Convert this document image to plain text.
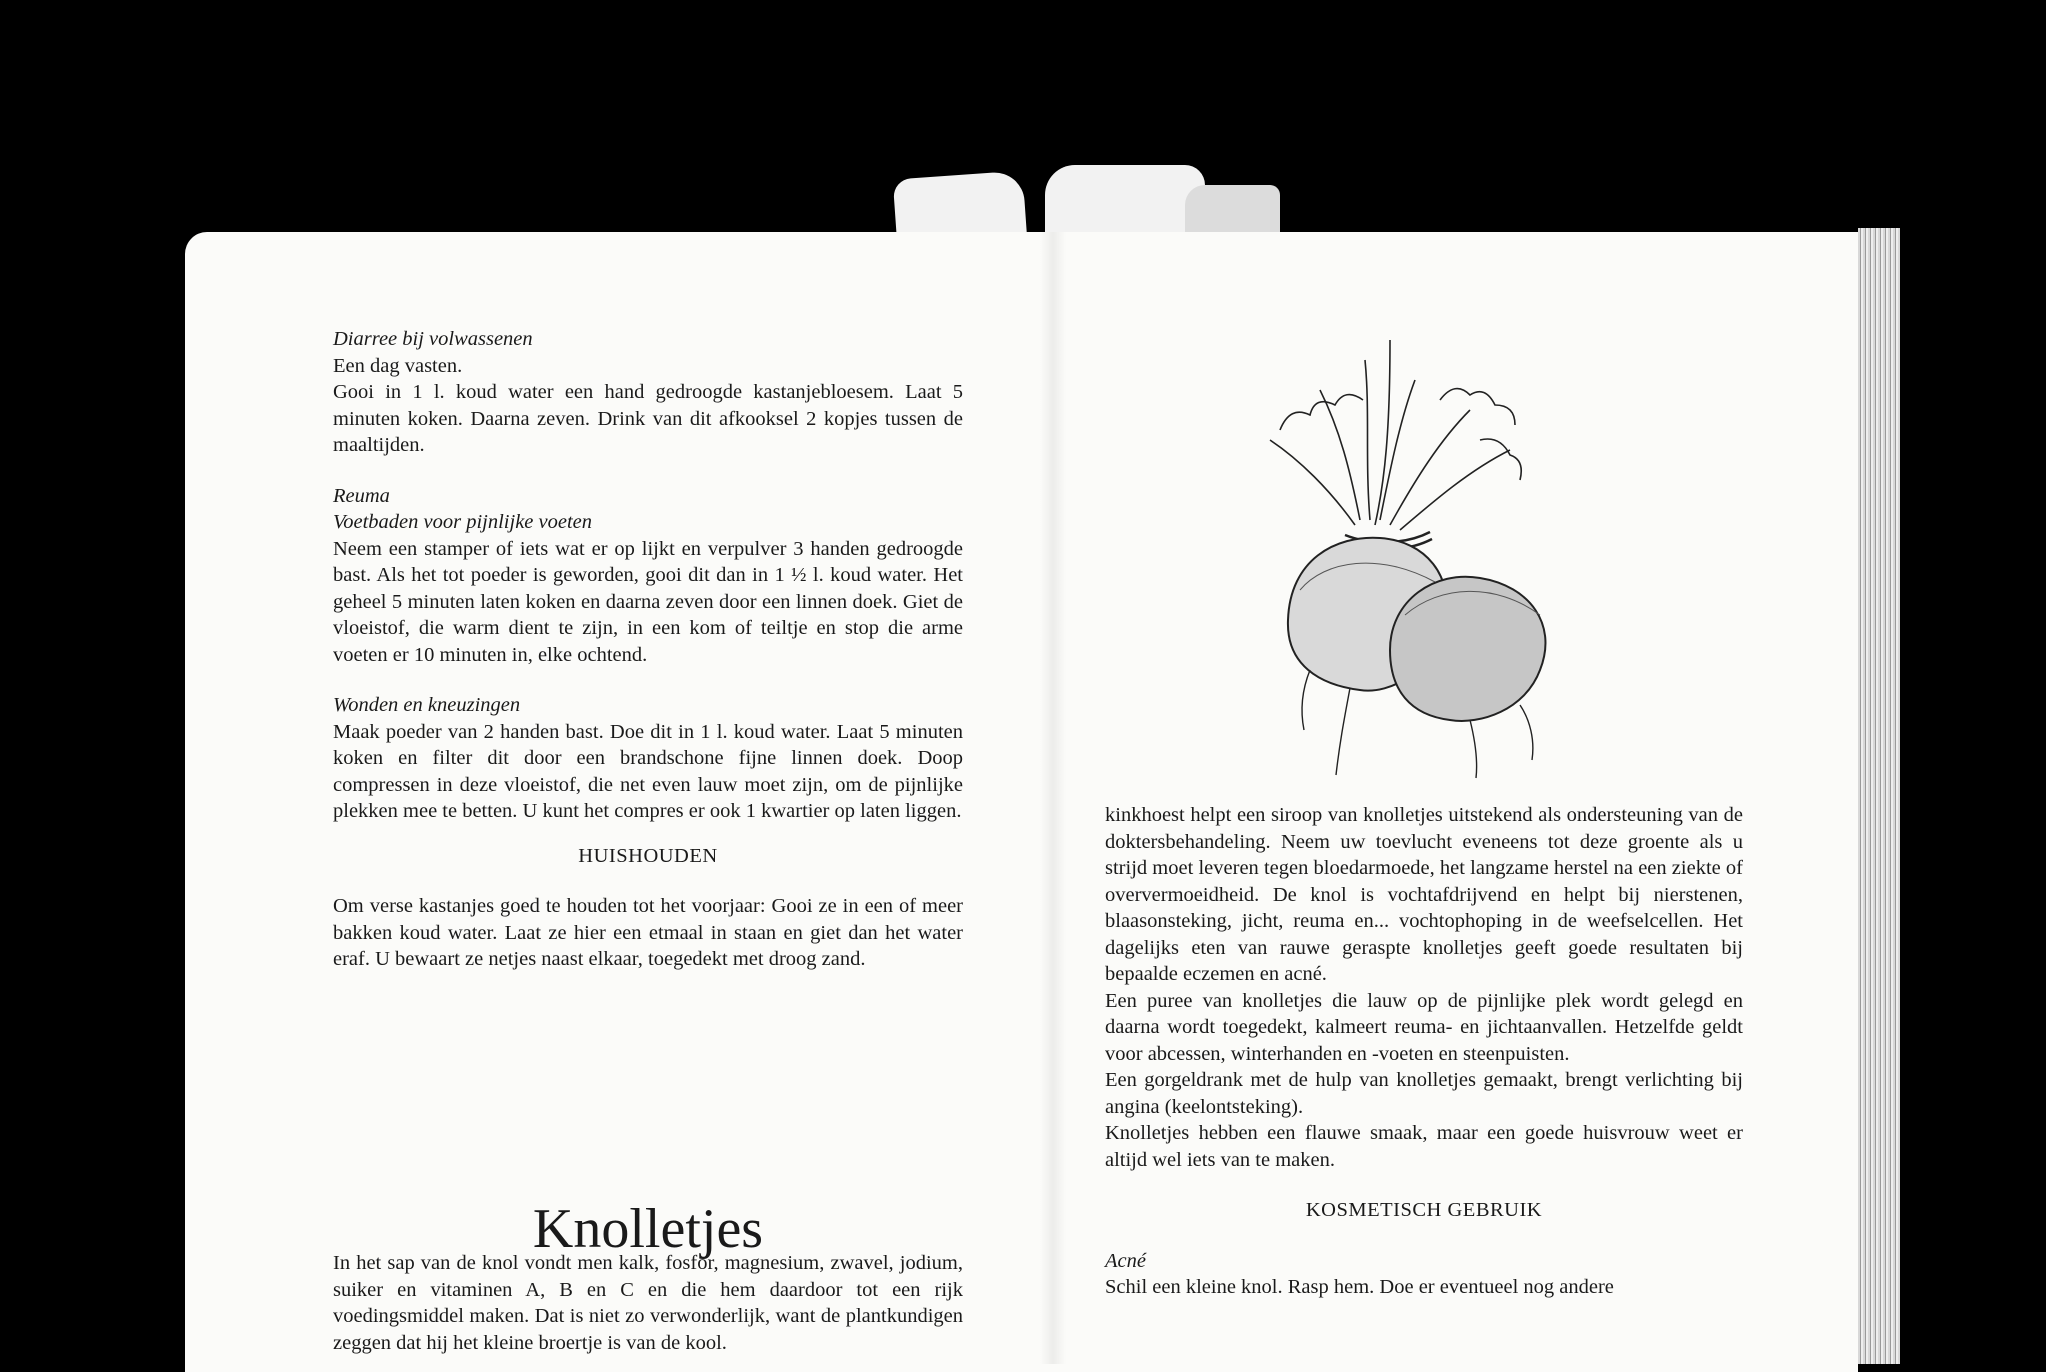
Diarree bij volwassenen

Een dag vasten.

Gooi in 1 l. koud water een hand gedroogde kastanjebloesem. Laat 5 minuten koken. Daarna zeven. Drink van dit afkooksel 2 kopjes tussen de maaltijden.

Reuma

Voetbaden voor pijnlijke voeten

Neem een stamper of iets wat er op lijkt en verpulver 3 handen gedroogde bast. Als het tot poeder is geworden, gooi dit dan in 1 ½ l. koud water. Het geheel 5 minuten laten koken en daarna zeven door een linnen doek. Giet de vloeistof, die warm dient te zijn, in een kom of teiltje en stop die arme voeten er 10 minuten in, elke ochtend.

Wonden en kneuzingen

Maak poeder van 2 handen bast. Doe dit in 1 l. koud water. Laat 5 minuten koken en filter dit door een brandschone fijne linnen doek. Doop compressen in deze vloeistof, die net even lauw moet zijn, om de pijnlijke plekken mee te betten. U kunt het compres er ook 1 kwartier op laten liggen.

HUISHOUDEN

Om verse kastanjes goed te houden tot het voorjaar: Gooi ze in een of meer bakken koud water. Laat ze hier een etmaal in staan en giet dan het water eraf. U bewaart ze netjes naast elkaar, toegedekt met droog zand.

Knolletjes

In het sap van de knol vondt men kalk, fosfor, magnesium, zwavel, jodium, suiker en vitaminen A, B en C en die hem daardoor tot een rijk voedingsmiddel maken. Dat is niet zo verwonderlijk, want de plantkundigen zeggen dat hij het kleine broertje is van de kool.

kinkhoest helpt een siroop van knolletjes uitstekend als ondersteuning van de doktersbehandeling. Neem uw toevlucht eveneens tot deze groente als u strijd moet leveren tegen bloedarmoede, het langzame herstel na een ziekte of oververmoeidheid. De knol is vochtafdrijvend en helpt bij nierstenen, blaasonsteking, jicht, reuma en... vochtophoping in de weefselcellen. Het dagelijks eten van rauwe geraspte knolletjes geeft goede resultaten bij bepaalde eczemen en acné.

Een puree van knolletjes die lauw op de pijnlijke plek wordt gelegd en daarna wordt toegedekt, kalmeert reuma- en jichtaanvallen. Hetzelfde geldt voor abcessen, winterhanden en -voeten en steenpuisten.

Een gorgeldrank met de hulp van knolletjes gemaakt, brengt verlichting bij angina (keelontsteking).

Knolletjes hebben een flauwe smaak, maar een goede huisvrouw weet er altijd wel iets van te maken.

KOSMETISCH GEBRUIK

Acné

Schil een kleine knol. Rasp hem. Doe er eventueel nog andere
